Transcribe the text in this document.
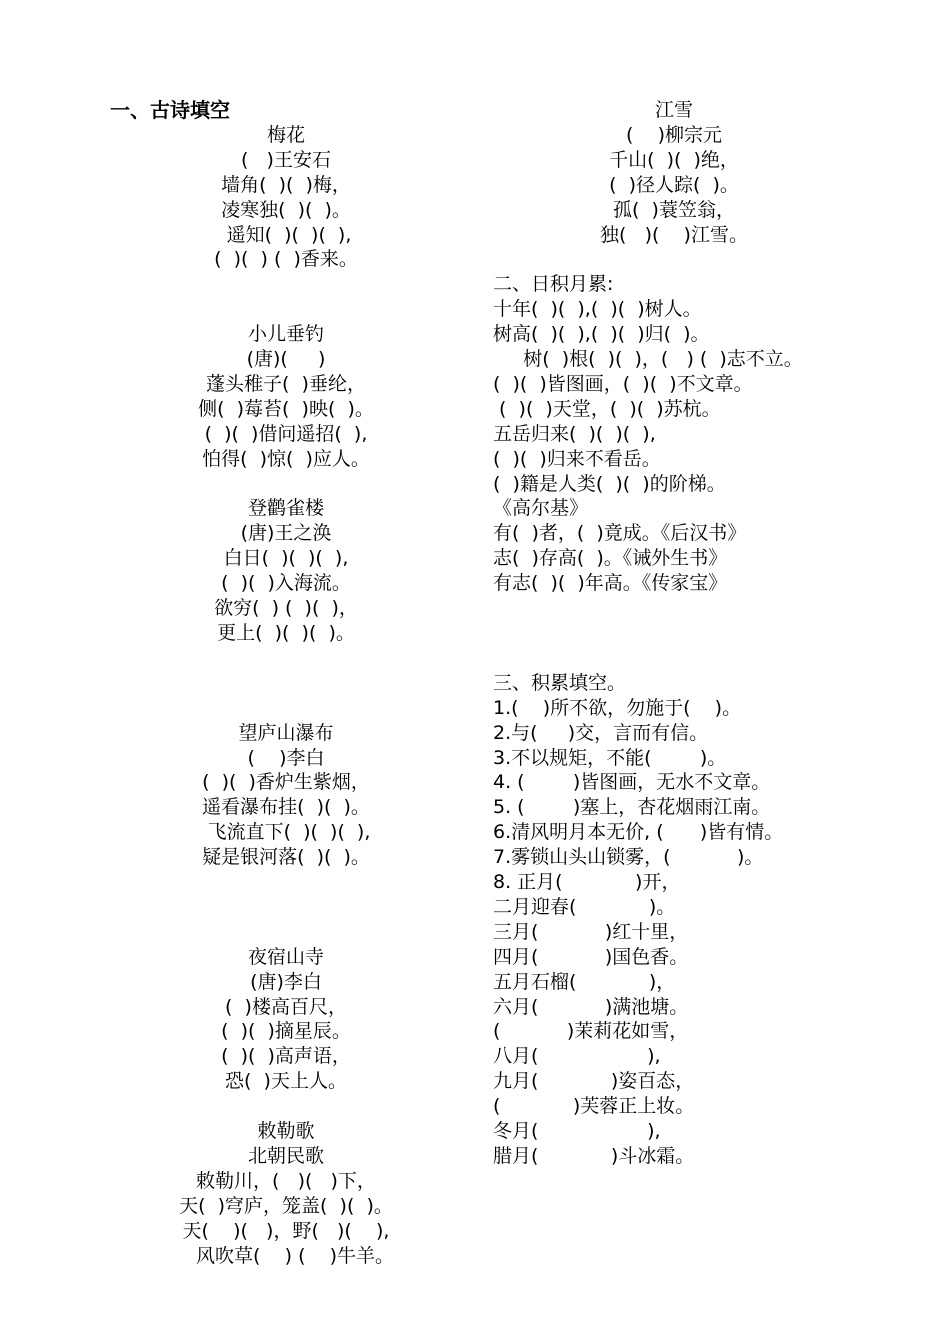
一、古诗填空
梅花
(   )王安石
墙角(  )(  )梅，
凌寒独(  )(  )。
遥知(  )(  )(  ),
(  )(  ) (  )香来。
小儿垂钓
(唐)(     )
蓬头稚子(  )垂纶，
侧(  )莓苔(  )映(  )。
(  )(  )借问遥招(  ),
怕得(  )惊(  )应人。
登鹳雀楼
(唐)王之涣
白日(  )(  )(  ),
(  )(  )入海流。
欲穷(  ) (  )(  )，
更上(  )(  )(  )。
望庐山瀑布
(    )李白
(  )(  )香炉生紫烟，
遥看瀑布挂(  )(  )。
飞流直下(  )(  )(  ),
疑是银河落(  )(  )。
夜宿山寺
(唐)李白
(  )楼高百尺，
(  )(  )摘星辰。
(  )(  )高声语，
恐(  )天上人。
敕勒歌
北朝民歌
敕勒川，(   )(   )下，
天(  )穹庐，笼盖(  )(  )。
天(    )(   )，野(   )(    ),
风吹草(    ) (    )牛羊。
江雪
(    )柳宗元
千山(  )(  )绝，
(  )径人踪(  )。
孤(  )蓑笠翁，
独(   )(    )江雪。
二、日积月累:
十年(  )(  ),(  )(  )树人。
树高(  )(  ),(  )(  )归(  )。
树(  )根(  )(  )，(   ) (  )志不立。
(  )(  )皆图画，(  )(  )不文章。
(  )(  )天堂，(  )(  )苏杭。
五岳归来(  )(  )(  ),
(  )(  )归来不看岳。
(  )籍是人类(  )(  )的阶梯。
《高尔基》
有(  )者，(  )竟成。《后汉书》
志(  )存高(  )。《诫外生书》
有志(  )(  )年高。《传家宝》
三、积累填空。
1.(    )所不欲，勿施于(    )。
2.与(     )交，言而有信。
3.不以规矩，不能(        )。
4. (        )皆图画，无水不文章。
5. (        )塞上，杏花烟雨江南。
6.清风明月本无价, (      )皆有情。
7.雾锁山头山锁雾，(           )。
8. 正月(            )开，
二月迎春(            )。
三月(           )红十里，
四月(           )国色香。
五月石榴(            )，
六月(           )满池塘。
(           )茉莉花如雪，
八月(                  ),
九月(            )姿百态，
(            )芙蓉正上妆。
冬月(                  ),
腊月(            )斗冰霜。
